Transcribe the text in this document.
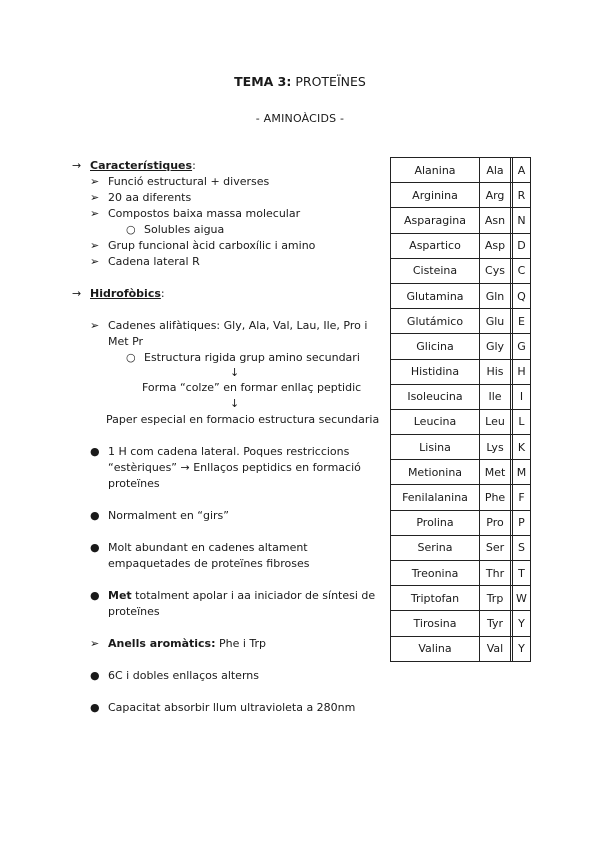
TEMA 3: PROTEÏNES
- AMINOÀCIDS -
→ Característiques:
➢ Funció estructural + diverses
➢ 20 aa diferents
➢ Compostos baixa massa molecular
○ Solubles aigua
➢ Grup funcional àcid carboxílic i amino
➢ Cadena lateral R
→ Hidrofòbics:
➢ Cadenes alifàtiques: Gly, Ala, Val, Lau, Ile, Pro i
Met Pr
○ Estructura rigida grup amino secundari
↓
Forma “colze” en formar enllaç peptidic
↓
Paper especial en formacio estructura secundaria
● 1 H com cadena lateral. Poques restriccions
“estèriques” → Enllaços peptidics en formació
proteïnes
● Normalment en “girs”
● Molt abundant en cadenes altament
empaquetades de proteïnes fibroses
● Met totalment apolar i aa iniciador de síntesi de
proteïnes
➢ Anells aromàtics: Phe i Trp
● 6C i dobles enllaços alterns
● Capacitat absorbir llum ultravioleta a 280nm
Alanina	Ala		A
Arginina	Arg		R
Asparagina	Asn		N
Aspartico	Asp		D
Cisteina	Cys		C
Glutamina	Gln		Q
Glutámico	Glu		E
Glicina	Gly		G
Histidina	His		H
Isoleucina	Ile		I
Leucina	Leu		L
Lisina	Lys		K
Metionina	Met		M
Fenilalanina	Phe		F
Prolina	Pro		P
Serina	Ser		S
Treonina	Thr		T
Triptofan	Trp		W
Tirosina	Tyr		Y
Valina	Val		Y
